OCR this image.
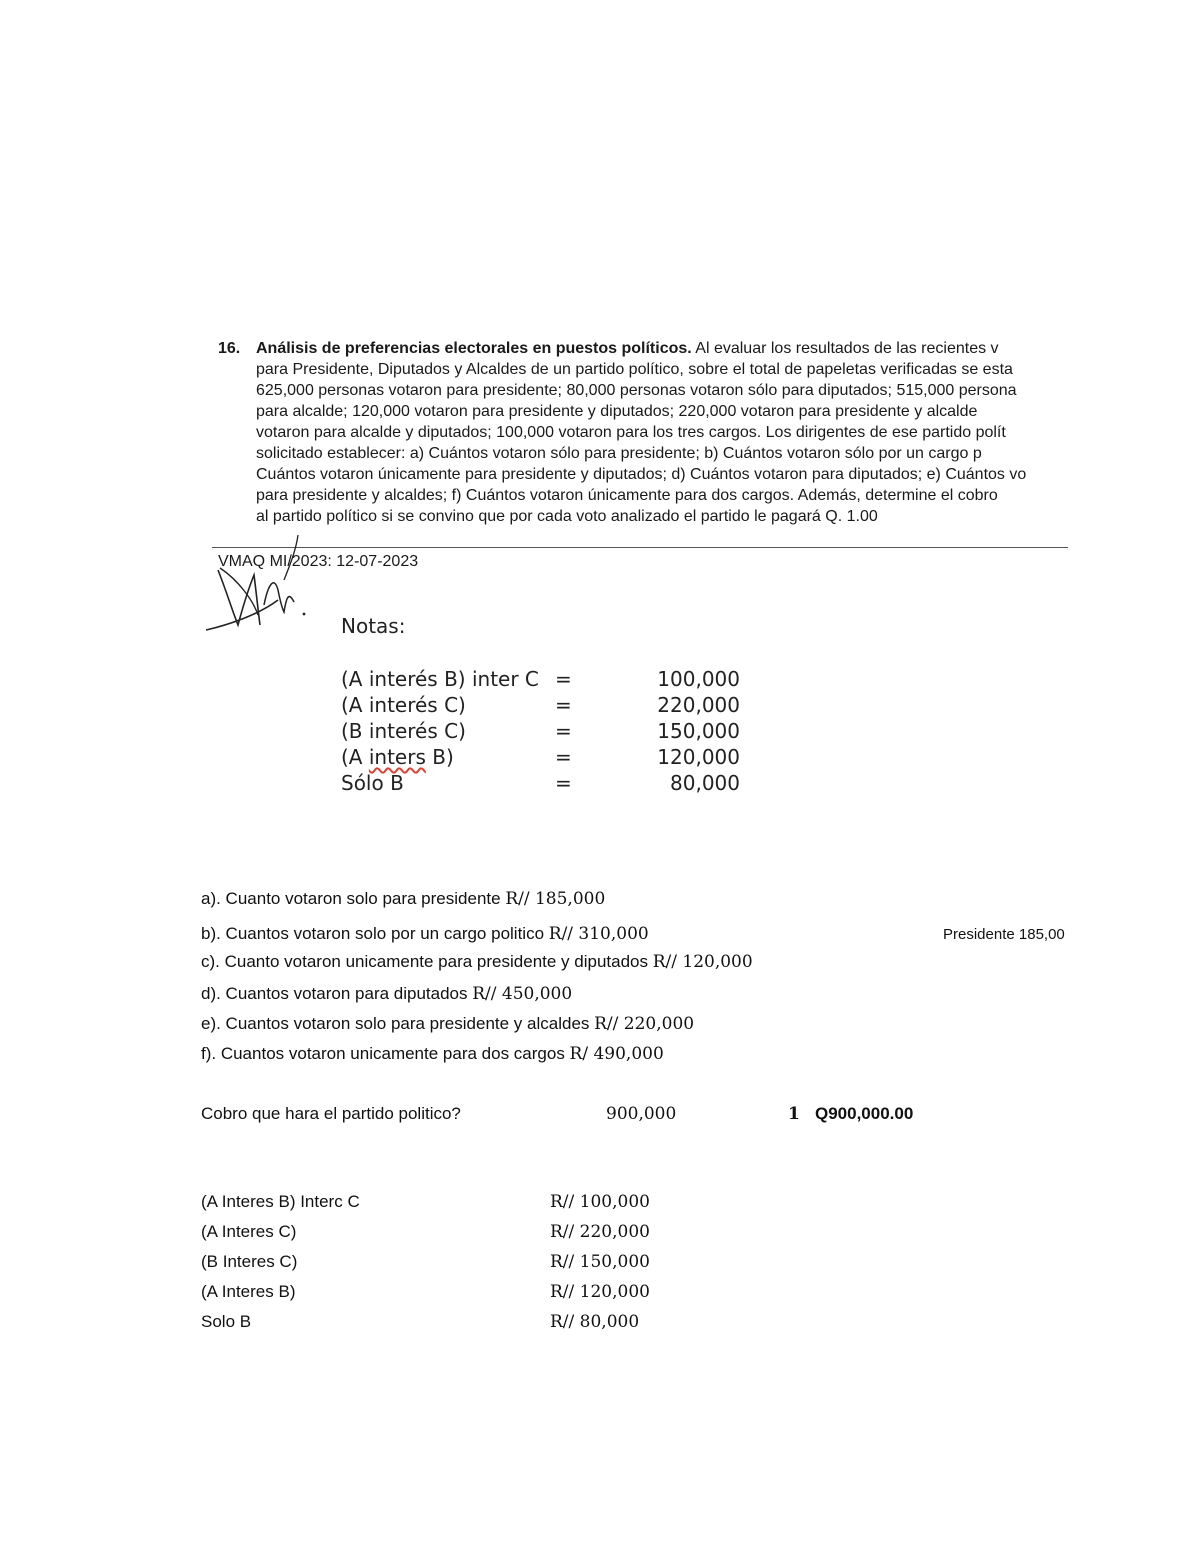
16. Análisis de preferencias electorales en puestos políticos. Al evaluar los resultados de las recientes v
para Presidente, Diputados y Alcaldes de un partido político, sobre el total de papeletas verificadas se esta
625,000 personas votaron para presidente; 80,000 personas votaron sólo para diputados; 515,000 persona
para alcalde; 120,000 votaron para presidente y diputados; 220,000 votaron para presidente y alcalde
votaron para alcalde y diputados; 100,000 votaron para los tres cargos. Los dirigentes de ese partido polít
solicitado establecer: a) Cuántos votaron sólo para presidente; b) Cuántos votaron sólo por un cargo p
Cuántos votaron únicamente para presidente y diputados; d) Cuántos votaron para diputados; e) Cuántos vo
para presidente y alcaldes; f) Cuántos votaron únicamente para dos cargos. Además, determine el cobro
al partido político si se convino que por cada voto analizado el partido le pagará Q. 1.00
VMAQ MI/2023: 12-07-2023
Notas:
(A interés B) inter C =	100,000
(A interés C)	=	220,000
(B interés C)	=	150,000
(A inters B)	=	120,000
Sólo B	=	80,000
a). Cuanto votaron solo para presidente R// 185,000
b). Cuantos votaron solo por un cargo politico R// 310,000
c). Cuanto votaron unicamente para presidente y diputados R// 120,000
d). Cuantos votaron para diputados R// 450,000
e). Cuantos votaron solo para presidente y alcaldes R// 220,000
f). Cuantos votaron unicamente para dos cargos R/ 490,000
Presidente 185,00
Cobro que hara el partido politico?	900,000	1 Q900,000.00
(A Interes B) Interc C	R// 100,000
(A Interes C)	R// 220,000
(B Interes C)	R// 150,000
(A Interes B)	R// 120,000
Solo B	R// 80,000
